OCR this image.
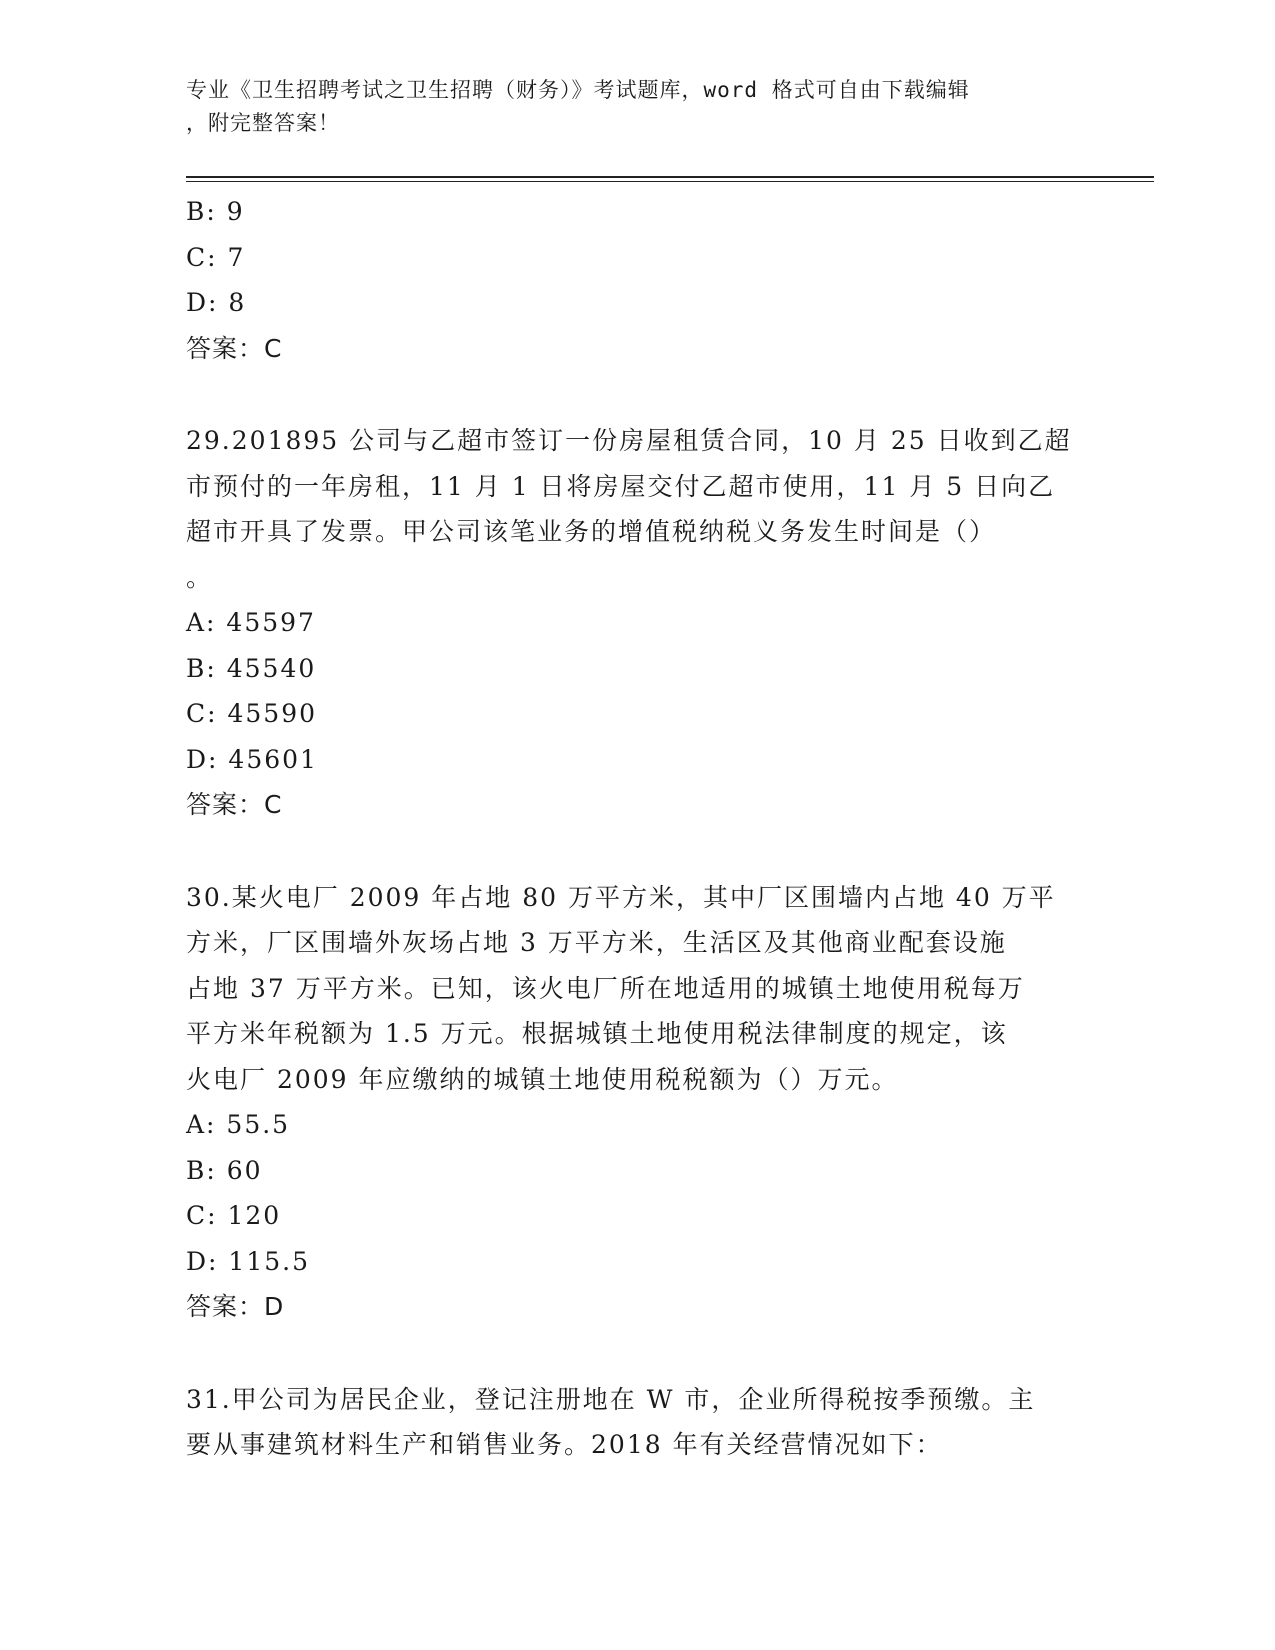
专业《卫生招聘考试之卫生招聘（财务）》考试题库，word 格式可自由下载编辑
，附完整答案！
B: 9
C: 7
D: 8
答案：C
29.201895 公司与乙超市签订一份房屋租赁合同，10 月 25 日收到乙超
市预付的一年房租，11 月 1 日将房屋交付乙超市使用，11 月 5 日向乙
超市开具了发票。甲公司该笔业务的增值税纳税义务发生时间是（）
。
A: 45597
B: 45540
C: 45590
D: 45601
答案：C
30.某火电厂 2009 年占地 80 万平方米，其中厂区围墙内占地 40 万平
方米，厂区围墙外灰场占地 3 万平方米，生活区及其他商业配套设施
占地 37 万平方米。已知，该火电厂所在地适用的城镇土地使用税每万
平方米年税额为 1.5 万元。根据城镇土地使用税法律制度的规定，该
火电厂 2009 年应缴纳的城镇土地使用税税额为（）万元。
A: 55.5
B: 60
C: 120
D: 115.5
答案：D
31.甲公司为居民企业，登记注册地在 W 市，企业所得税按季预缴。主
要从事建筑材料生产和销售业务。2018 年有关经营情况如下：
